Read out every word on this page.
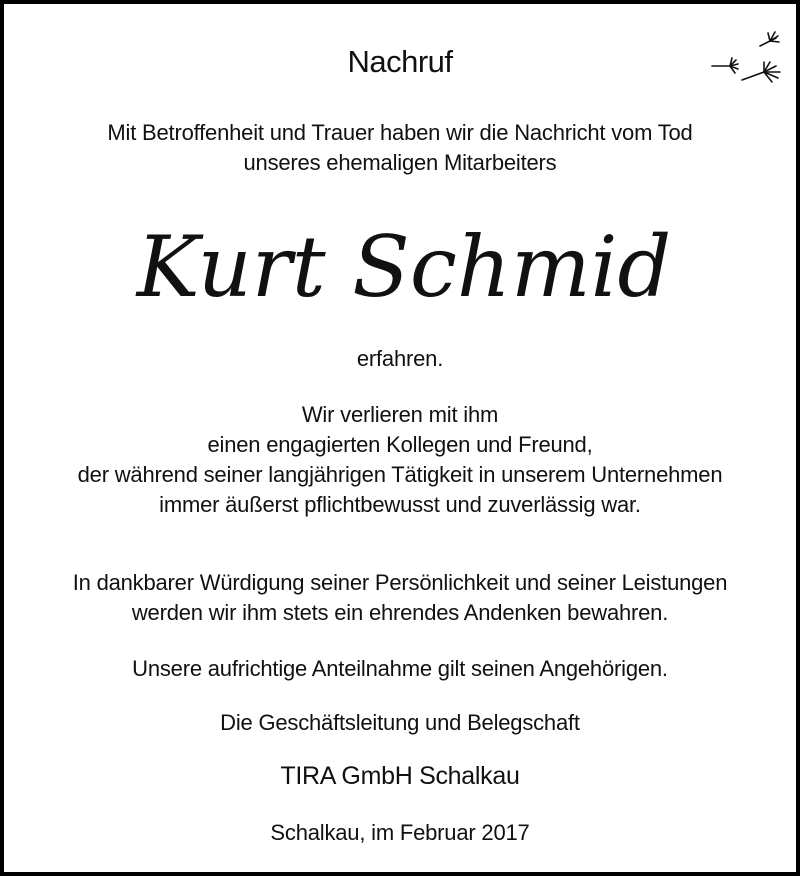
Nachruf
Mit Betroffenheit und Trauer haben wir die Nachricht vom Tod
unseres ehemaligen Mitarbeiters
Kurt Schmid
erfahren.
Wir verlieren mit ihm
einen engagierten Kollegen und Freund,
der während seiner langjährigen Tätigkeit in unserem Unternehmen
immer äußerst pflichtbewusst und zuverlässig war.
In dankbarer Würdigung seiner Persönlichkeit und seiner Leistungen
werden wir ihm stets ein ehrendes Andenken bewahren.
Unsere aufrichtige Anteilnahme gilt seinen Angehörigen.
Die Geschäftsleitung und Belegschaft
TIRA GmbH Schalkau
Schalkau, im Februar 2017
